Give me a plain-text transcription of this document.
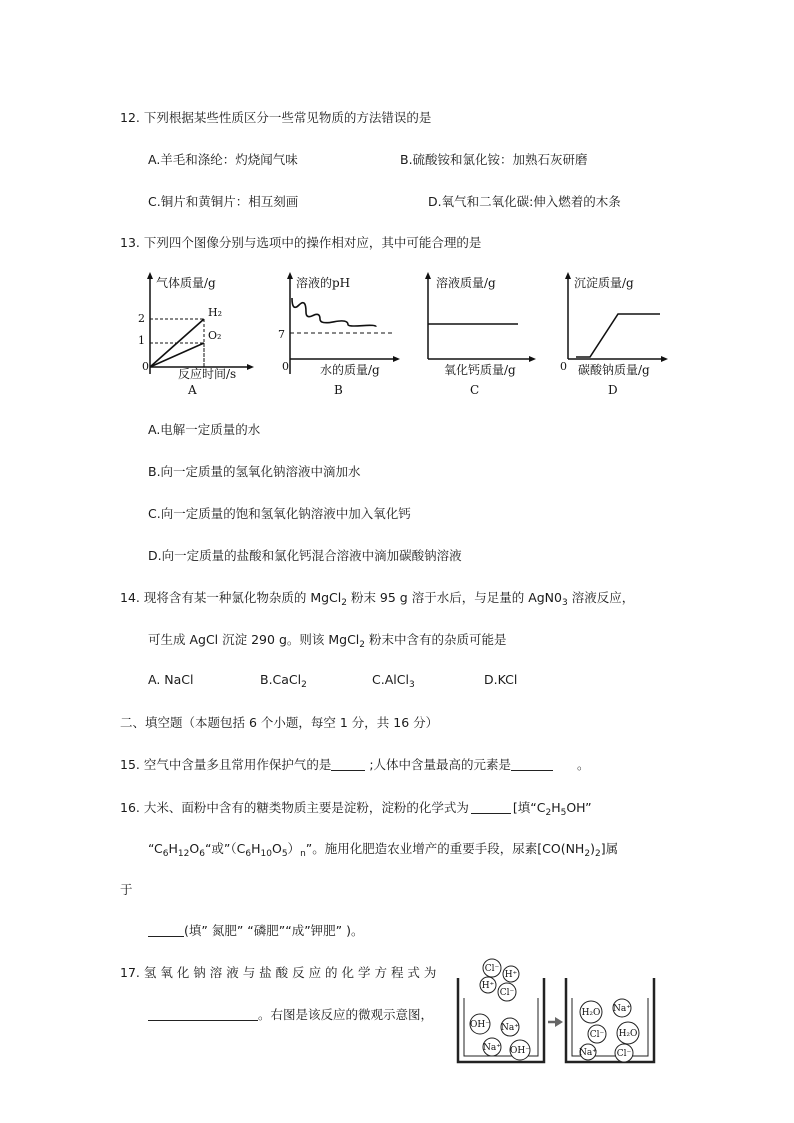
12. 下列根据某些性质区分一些常见物质的方法错误的是
A.羊毛和涤纶：灼烧闻气味	B.硫酸铵和氯化铵：加熟石灰研磨
C.铜片和黄铜片：相互刻画	D.氧气和二氧化碳:伸入燃着的木条
13. 下列四个图像分别与选项中的操作相对应，其中可能合理的是
气体质量/g
反应时间/s
0
A
2
1
H₂
O₂
溶液的pH
水的质量/g
0
7
B
溶液质量/g
氧化钙质量/g
C
沉淀质量/g
碳酸钠质量/g
0
D
A.电解一定质量的水
B.向一定质量的氢氧化钠溶液中滴加水
C.向一定质量的饱和氢氧化钠溶液中加入氧化钙
D.向一定质量的盐酸和氯化钙混合溶液中滴加碳酸钠溶液
14. 现将含有某一种氯化物杂质的 MgCl$_2$ 粉末 95 g 溶于水后，与足量的 $AgN0_3$ 溶液反应，
可生成 AgCl 沉淀 290 g。则该 MgCl$_2$ 粉末中含有的杂质可能是
A. NaCl	B.CaCl$_2$	C.AlCl$_3$	D.KCl
二、填空题（本题包括 6 个小题，每空 1 分，共 16 分）
15. 空气中含量多且常用作保护气的是	;人体中含量最高的元素是	。
16. 大米、面粉中含有的糖类物质主要是淀粉，淀粉的化学式为	[填“$C_2H_5OH$”
“$C_6H_{12}O_6“$或$”(C_6H_{10}O_5)_n$”。施用化肥造农业增产的重要手段，尿素$[CO(NH_2)_2]$属
于
(填” 氮肥” “磷肥”“成”钾肥” )。
17. 氢 氧 化 钠 溶 液 与 盐 酸 反 应 的 化 学 方 程 式 为
。右图是该反应的微观示意图，
Cl⁻
H⁺
H⁺
Cl⁻
OH⁻ Na⁺
Na⁺ OH⁻
H₂O Na⁺
Cl⁻ H₂O
Na⁺ Cl⁻
